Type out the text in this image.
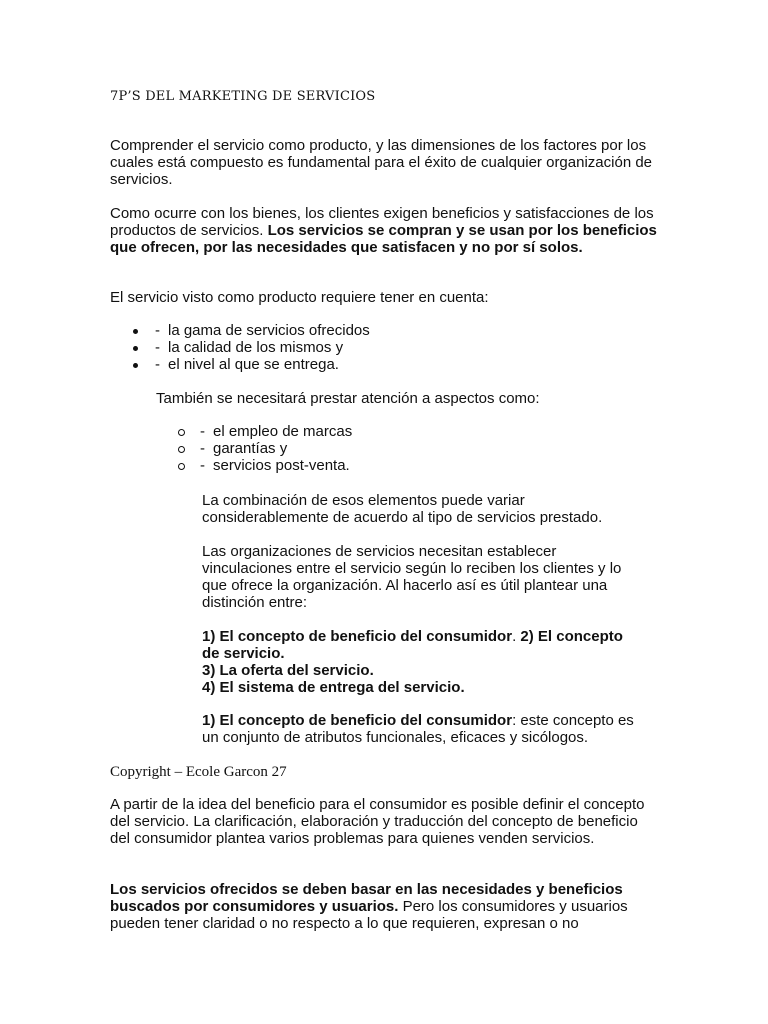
7P’S DEL MARKETING DE SERVICIOS

Comprender el servicio como producto, y las dimensiones de los factores por los cuales está compuesto es fundamental para el éxito de cualquier organización de servicios.

Como ocurre con los bienes, los clientes exigen beneficios y satisfacciones de los productos de servicios. Los servicios se compran y se usan por los beneficios que ofrecen, por las necesidades que satisfacen y no por sí solos.

El servicio visto como producto requiere tener en cuenta:

- la gama de servicios ofrecidos
- la calidad de los mismos y
- el nivel al que se entrega.

También se necesitará prestar atención a aspectos como:

- el empleo de marcas
- garantías y
- servicios post-venta.

La combinación de esos elementos puede variar considerablemente de acuerdo al tipo de servicios prestado.

Las organizaciones de servicios necesitan establecer vinculaciones entre el servicio según lo reciben los clientes y lo que ofrece la organización. Al hacerlo así es útil plantear una distinción entre:

1) El concepto de beneficio del consumidor. 2) El concepto de servicio.
3) La oferta del servicio.
4) El sistema de entrega del servicio.

1) El concepto de beneficio del consumidor: este concepto es un conjunto de atributos funcionales, eficaces y sicólogos.

Copyright – Ecole Garcon 27

A partir de la idea del beneficio para el consumidor es posible definir el concepto del servicio. La clarificación, elaboración y traducción del concepto de beneficio del consumidor plantea varios problemas para quienes venden servicios.

Los servicios ofrecidos se deben basar en las necesidades y beneficios buscados por consumidores y usuarios. Pero los consumidores y usuarios pueden tener claridad o no respecto a lo que requieren, expresan o no
